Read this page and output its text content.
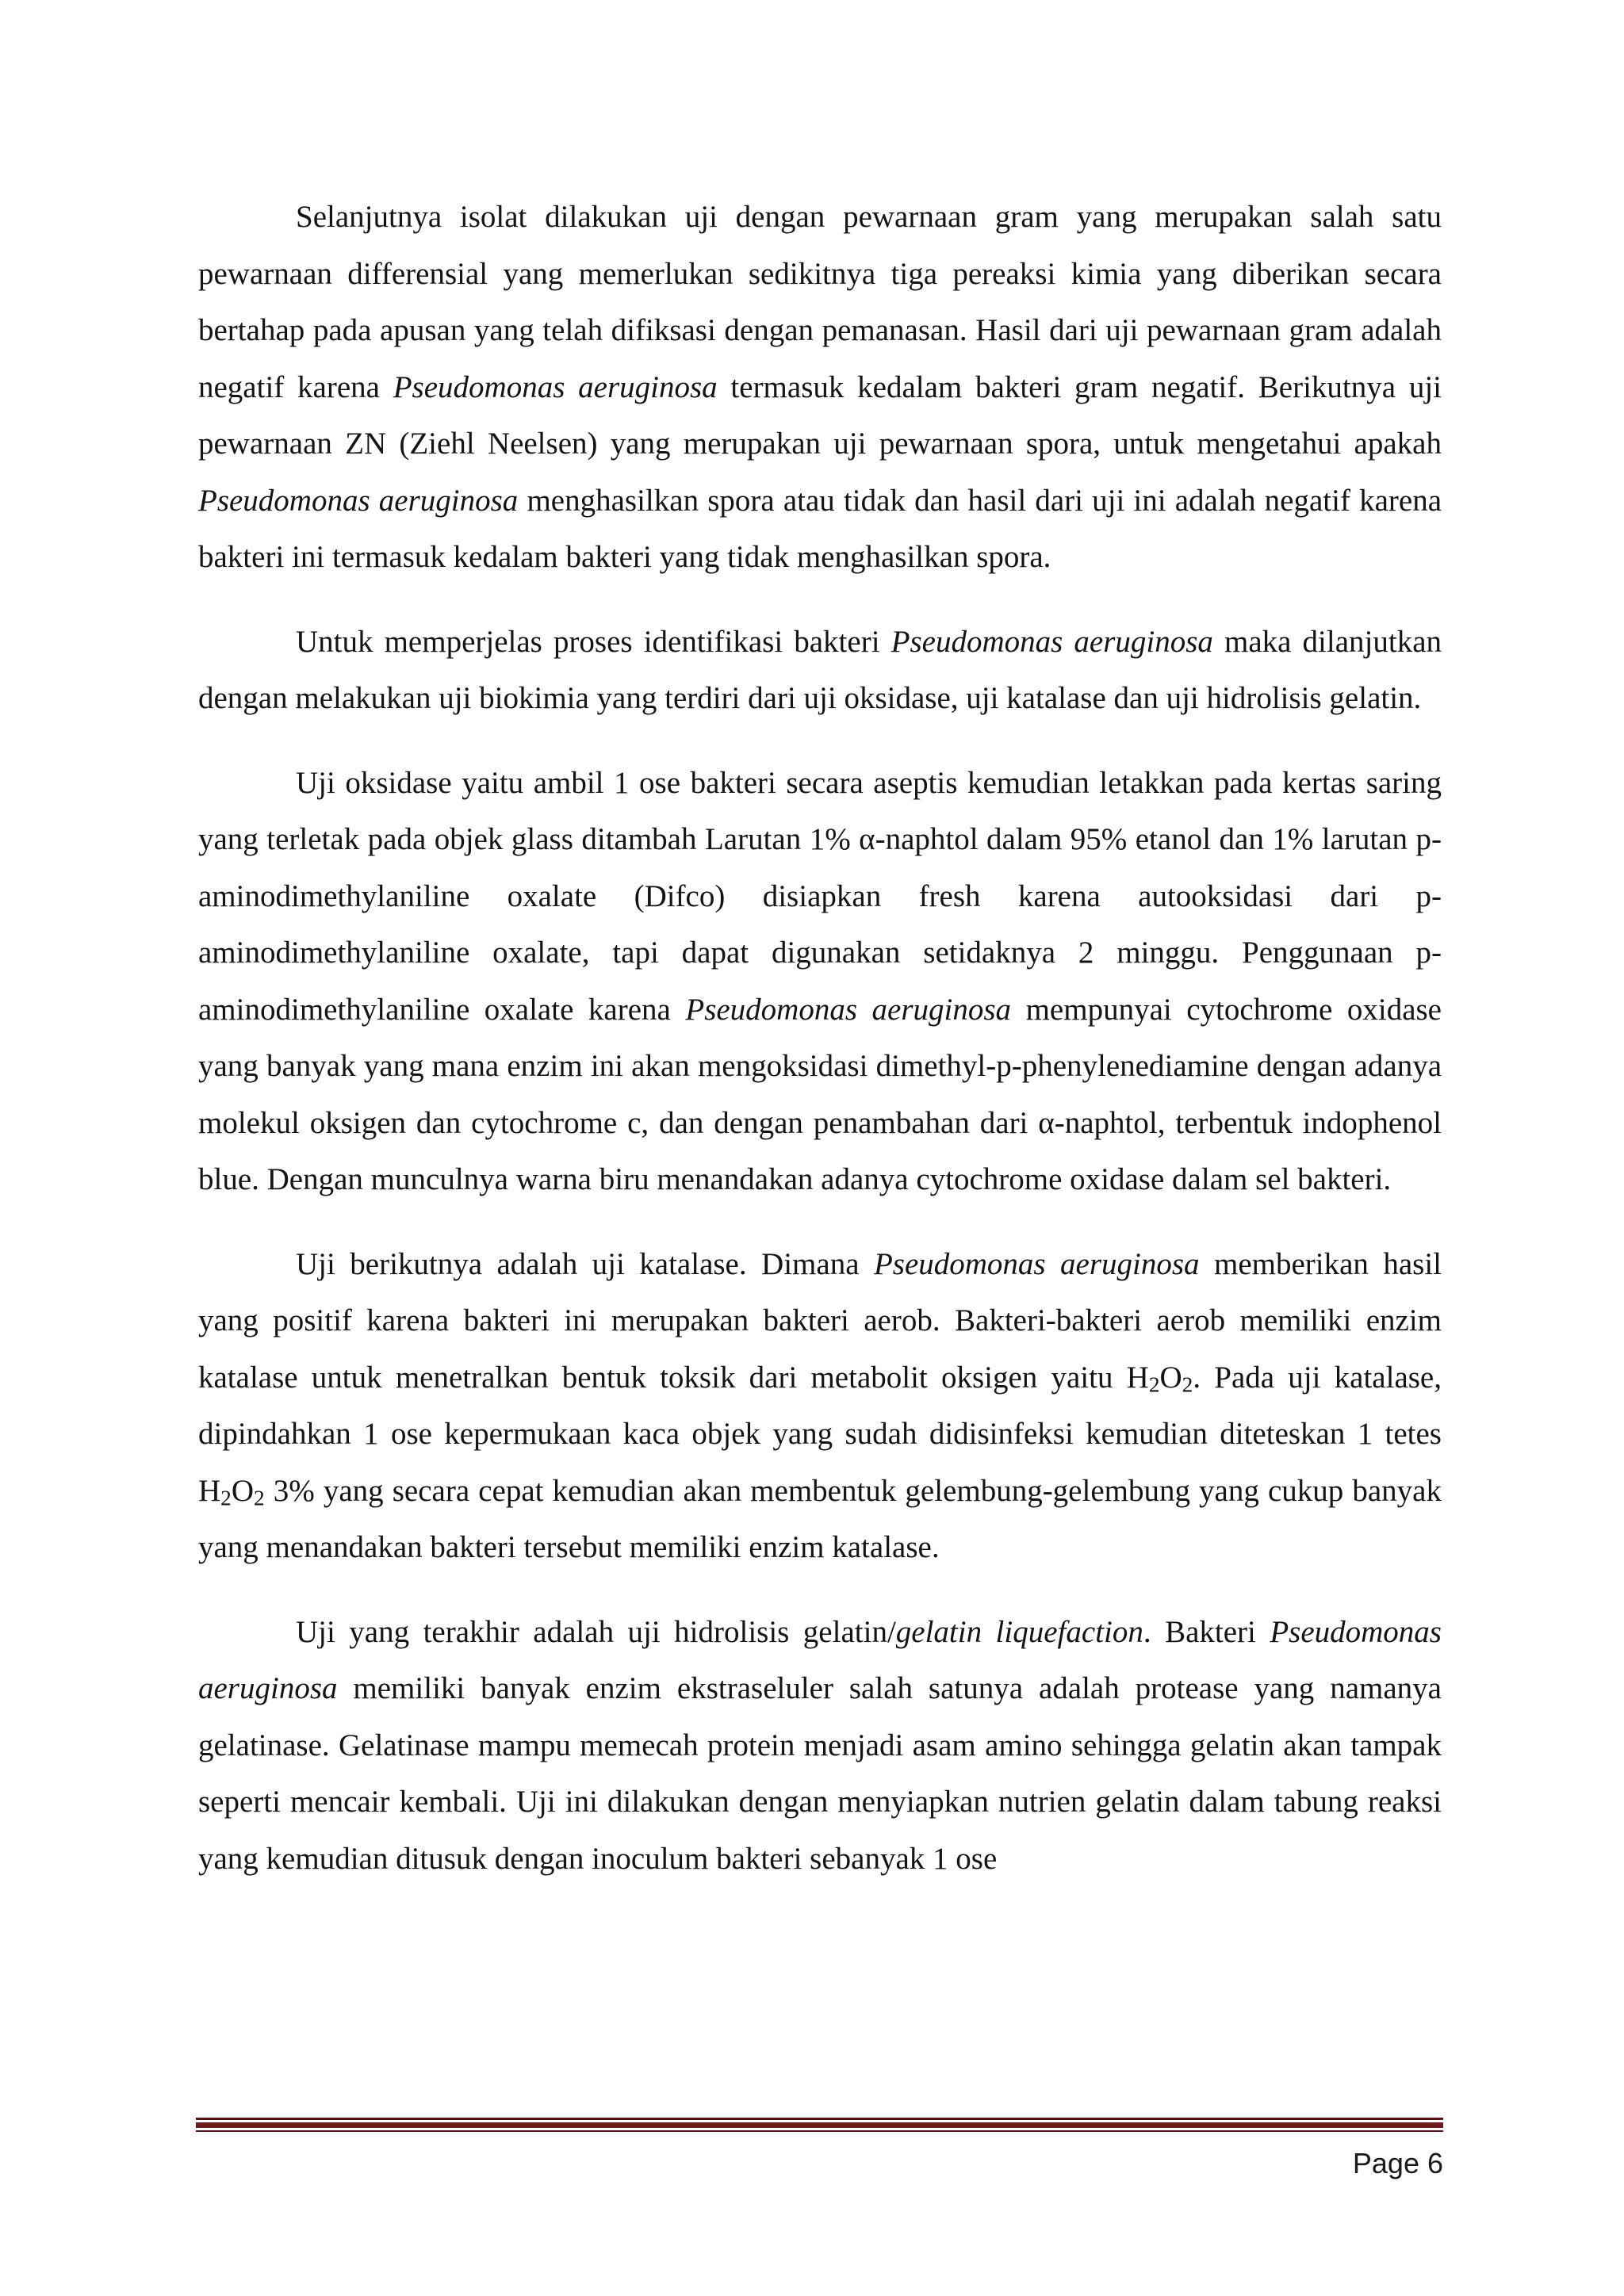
Selanjutnya isolat dilakukan uji dengan pewarnaan gram yang merupakan salah satu pewarnaan differensial yang memerlukan sedikitnya tiga pereaksi kimia yang diberikan secara bertahap pada apusan yang telah difiksasi dengan pemanasan. Hasil dari uji pewarnaan gram adalah negatif karena Pseudomonas aeruginosa termasuk kedalam bakteri gram negatif. Berikutnya uji pewarnaan ZN (Ziehl Neelsen) yang merupakan uji pewarnaan spora, untuk mengetahui apakah Pseudomonas aeruginosa menghasilkan spora atau tidak dan hasil dari uji ini adalah negatif karena bakteri ini termasuk kedalam bakteri yang tidak menghasilkan spora.

Untuk memperjelas proses identifikasi bakteri Pseudomonas aeruginosa maka dilanjutkan dengan melakukan uji biokimia yang terdiri dari uji oksidase, uji katalase dan uji hidrolisis gelatin.

Uji oksidase yaitu ambil 1 ose bakteri secara aseptis kemudian letakkan pada kertas saring yang terletak pada objek glass ditambah Larutan 1% α-naphtol dalam 95% etanol dan 1% larutan p-aminodimethylaniline oxalate (Difco) disiapkan fresh karena autooksidasi dari p-aminodimethylaniline oxalate, tapi dapat digunakan setidaknya 2 minggu. Penggunaan p-aminodimethylaniline oxalate karena Pseudomonas aeruginosa mempunyai cytochrome oxidase yang banyak yang mana enzim ini akan mengoksidasi dimethyl-p-phenylenediamine dengan adanya molekul oksigen dan cytochrome c, dan dengan penambahan dari α-naphtol, terbentuk indophenol blue. Dengan munculnya warna biru menandakan adanya cytochrome oxidase dalam sel bakteri.

Uji berikutnya adalah uji katalase. Dimana Pseudomonas aeruginosa memberikan hasil yang positif karena bakteri ini merupakan bakteri aerob. Bakteri-bakteri aerob memiliki enzim katalase untuk menetralkan bentuk toksik dari metabolit oksigen yaitu $H_2O_2$. Pada uji katalase, dipindahkan 1 ose kepermukaan kaca objek yang sudah didisinfeksi kemudian diteteskan 1 tetes $H_2O_2$ 3% yang secara cepat kemudian akan membentuk gelembung-gelembung yang cukup banyak yang menandakan bakteri tersebut memiliki enzim katalase.

Uji yang terakhir adalah uji hidrolisis gelatin/gelatin liquefaction. Bakteri Pseudomonas aeruginosa memiliki banyak enzim ekstraseluler salah satunya adalah protease yang namanya gelatinase. Gelatinase mampu memecah protein menjadi asam amino sehingga gelatin akan tampak seperti mencair kembali. Uji ini dilakukan dengan menyiapkan nutrien gelatin dalam tabung reaksi yang kemudian ditusuk dengan inoculum bakteri sebanyak 1 ose

Page 6
